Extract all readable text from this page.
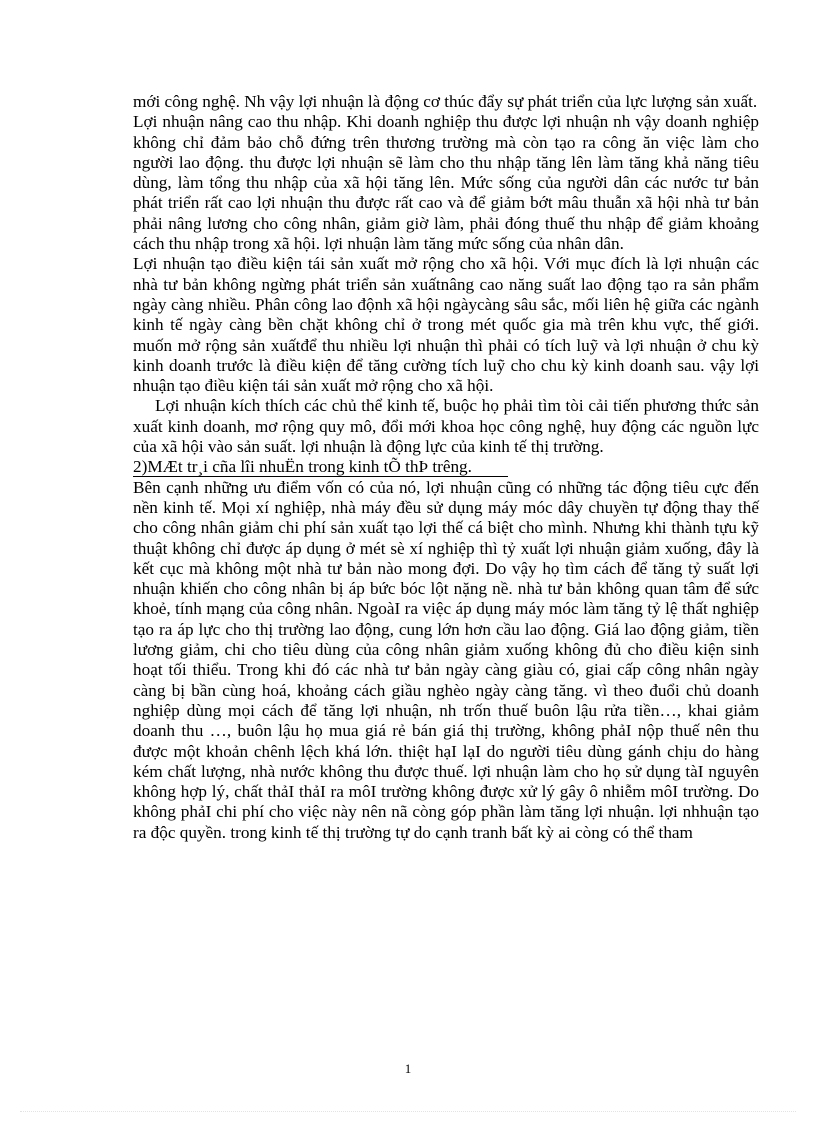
mới công nghệ. Nh vậy lợi nhuận là động cơ thúc đẩy sự phát triển của lực lượng sản xuất.

Lợi nhuận nâng cao thu nhập. Khi doanh nghiệp thu được lợi nhuận nh vậy doanh nghiệp không chỉ đảm bảo chỗ đứng trên thương trường mà còn tạo ra công ăn việc làm cho người lao động. thu được lợi nhuận sẽ làm cho thu nhập tăng lên làm tăng khả năng tiêu dùng, làm tổng thu nhập của xã hội tăng lên. Mức sống của người dân các nước tư bản phát triển rất cao lợi nhuận thu được rất cao và để giảm bớt mâu thuẫn xã hội nhà tư bản phải nâng lương cho công nhân, giảm giờ làm, phải đóng thuế thu nhập để giảm khoảng cách thu nhập trong xã hội. lợi nhuận làm tăng mức sống của nhân dân.

Lợi nhuận tạo điều kiện tái sản xuất mở rộng cho xã hội. Với mục đích là lợi nhuận các nhà tư bản không ngừng phát triển sản xuấtnâng cao năng suất lao động tạo ra sản phẩm ngày càng nhiều. Phân công lao độnh xã hội ngàycàng sâu sắc, mối liên hệ giữa các ngành kinh tế ngày càng bền chặt không chỉ ở trong mét quốc gia mà trên khu vực, thế giới. muốn mở rộng sản xuấtđể thu nhiều lợi nhuận thì phải có tích luỹ và lợi nhuận ở chu kỳ kinh doanh trước là điều kiện để tăng cường tích luỹ cho chu kỳ kinh doanh sau. vậy lợi nhuận tạo điều kiện tái sản xuất mở rộng cho xã hội.

Lợi nhuận kích thích các chủ thể kinh tế, buộc họ phải tìm tòi cải tiến phương thức sản xuất kinh doanh, mơ rộng quy mô, đổi mới khoa học công nghệ, huy động các nguồn lực của xã hội vào sản suất. lợi nhuận là động lực của kinh tế thị trường.

2)MÆt tr¸i cña lîi nhuËn trong kinh tÕ thÞ trêng.

Bên cạnh những ưu điểm vốn có của nó, lợi nhuận cũng có những tác động tiêu cực đến nền kinh tế. Mọi xí nghiệp, nhà máy đều sử dụng máy móc dây chuyền tự động thay thế cho công nhân giảm chi phí sản xuất tạo lợi thế cá biệt cho mình. Nhưng khi thành tựu kỹ thuật không chỉ được áp dụng ở mét sè xí nghiệp thì tỷ xuất lợi nhuận giảm xuống, đây là kết cục mà không một nhà tư bản nào mong đợi. Do vậy họ tìm cách để tăng tỷ suất lợi nhuận khiến cho công nhân bị áp bức bóc lột nặng nề. nhà tư bản không quan tâm để sức khoẻ, tính mạng của công nhân. NgoàI ra việc áp dụng máy móc làm tăng tỷ lệ thất nghiệp tạo ra áp lực cho thị trường lao động, cung lớn hơn cầu lao động. Giá lao động giảm, tiền lương giảm, chi cho tiêu dùng của công nhân giảm xuống không đủ cho điều kiện sinh hoạt tối thiểu. Trong khi đó các nhà tư bản ngày càng giàu có, giai cấp công nhân ngày càng bị bần cùng hoá, khoảng cách giầu nghèo ngày càng tăng. vì theo đuổi chủ doanh nghiệp dùng mọi cách để tăng lợi nhuận, nh trốn thuế buôn lậu rửa tiền…, khai giảm doanh thu …, buôn lậu họ mua giá rẻ bán giá thị trường, không phảI nộp thuế nên thu được một khoản chênh lệch khá lớn. thiệt hạI lạI do người tiêu dùng gánh chịu do hàng kém chất lượng, nhà nước không thu được thuế. lợi nhuận làm cho họ sử dụng tàI nguyên không hợp lý, chất thảI thảI ra môI trường không được xử lý gây ô nhiễm môI trường. Do không phảI chi phí cho việc này nên nã còng góp phần làm tăng lợi nhuận. lợi nhhuận tạo ra độc quyền. trong kinh tế thị trường tự do cạnh tranh bất kỳ ai còng có thể tham

1
